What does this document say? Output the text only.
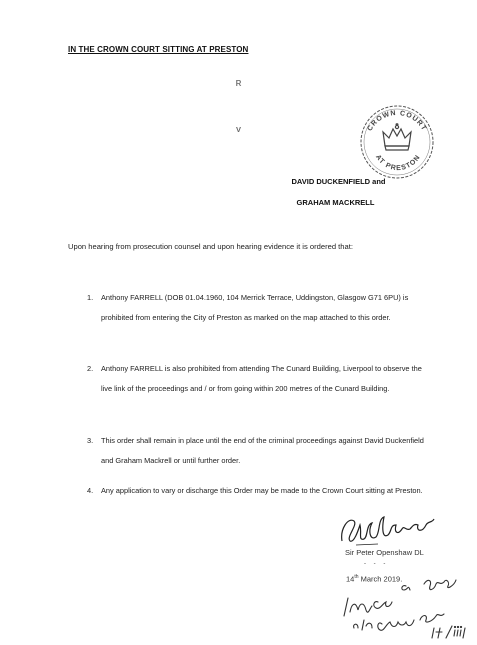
IN THE CROWN COURT SITTING AT PRESTON
R
V
DAVID DUCKENFIELD and
GRAHAM MACKRELL
CROWN COURT
AT PRESTON
Upon hearing from prosecution counsel and upon hearing evidence it is ordered that:
1. Anthony FARRELL (DOB 01.04.1960, 104 Merrick Terrace, Uddingston, Glasgow G71 6PU) is prohibited from entering the City of Preston as marked on the map attached to this order.
2. Anthony FARRELL is also prohibited from attending The Cunard Building, Liverpool to observe the live link of the proceedings and / or from going within 200 metres of the Cunard Building.
3. This order shall remain in place until the end of the criminal proceedings against David Duckenfield and Graham Mackrell or until further order.
4. Any application to vary or discharge this Order may be made to the Crown Court sitting at Preston.
Sir Peter Openshaw DL
- - -
14th March 2019.
